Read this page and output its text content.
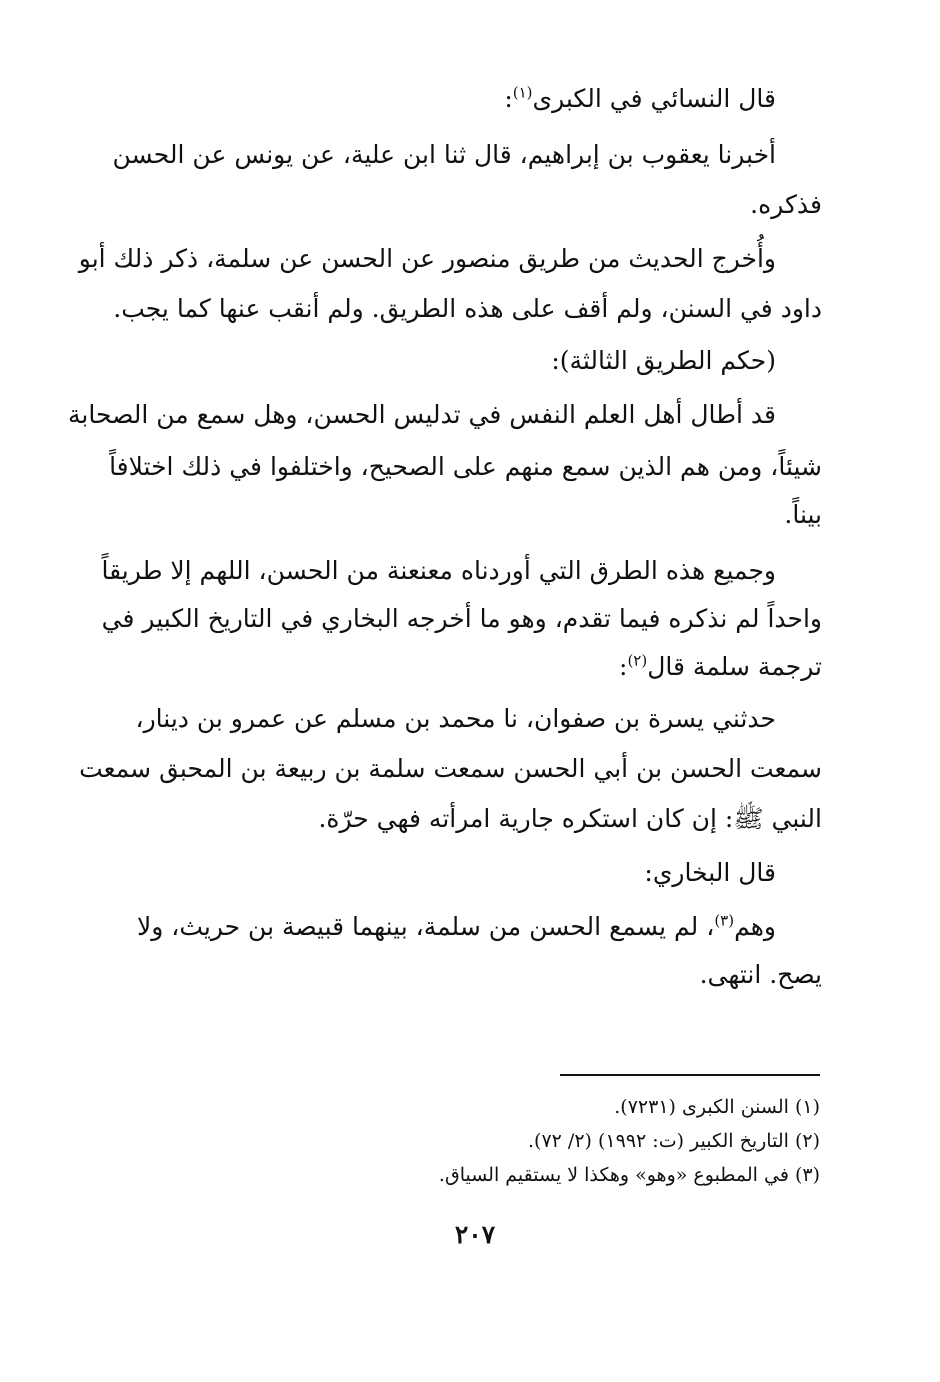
قال النسائي في الكبرى$^{(١)}$:
أخبرنا يعقوب بن إبراهيم، قال ثنا ابن علية، عن يونس عن الحسن
فذكره.
وأُخرج الحديث من طريق منصور عن الحسن عن سلمة، ذكر ذلك أبو
داود في السنن، ولم أقف على هذه الطريق. ولم أنقب عنها كما يجب.
(حكم الطريق الثالثة):
قد أطال أهل العلم النفس في تدليس الحسن، وهل سمع من الصحابة
شيئاً، ومن هم الذين سمع منهم على الصحيح، واختلفوا في ذلك اختلافاً
بيناً.
وجميع هذه الطرق التي أوردناه معنعنة من الحسن، اللهم إلا طريقاً
واحداً لم نذكره فيما تقدم، وهو ما أخرجه البخاري في التاريخ الكبير في
ترجمة سلمة قال$^{(٢)}$:
حدثني يسرة بن صفوان، نا محمد بن مسلم عن عمرو بن دينار،
سمعت الحسن بن أبي الحسن سمعت سلمة بن ربيعة بن المحبق سمعت
النبي ﷺ: إن كان استكره جارية امرأته فهي حرّة.
قال البخاري:
وهم$^{(٣)}$، لم يسمع الحسن من سلمة، بينهما قبيصة بن حريث، ولا
يصح. انتهى.
(١) السنن الكبرى (٧٢٣١).
(٢) التاريخ الكبير (ت: ١٩٩٢) (٢/ ٧٢).
(٣) في المطبوع «وهو» وهكذا لا يستقيم السياق.
٢٠٧
